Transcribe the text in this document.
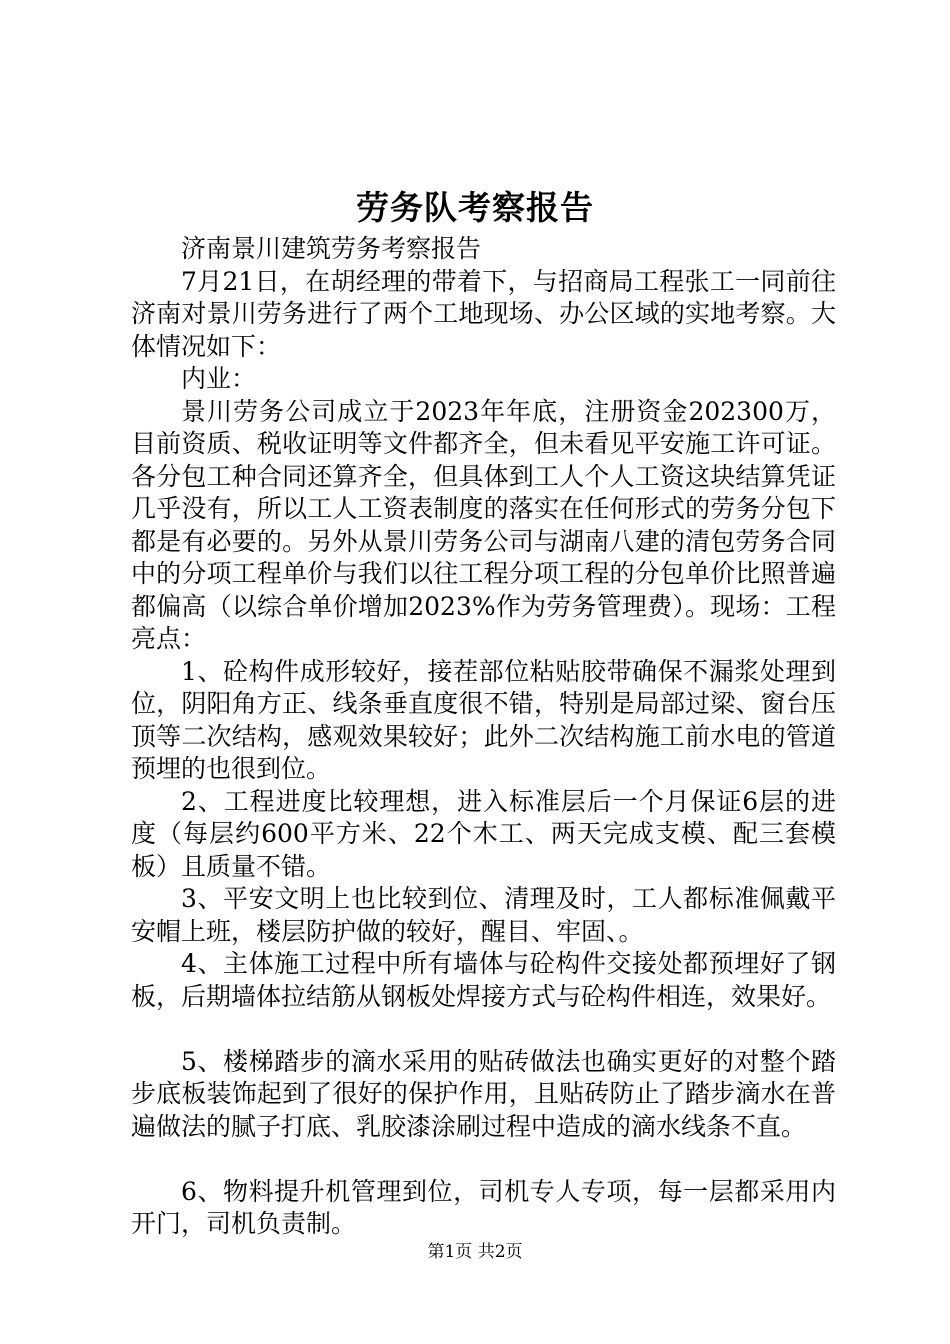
劳务队考察报告

济南景川建筑劳务考察报告

7月21日，在胡经理的带着下，与招商局工程张工一同前往济南对景川劳务进行了两个工地现场、办公区域的实地考察。大体情况如下：

内业：

景川劳务公司成立于2023年年底，注册资金202300万，目前资质、税收证明等文件都齐全，但未看见平安施工许可证。各分包工种合同还算齐全，但具体到工人个人工资这块结算凭证几乎没有，所以工人工资表制度的落实在任何形式的劳务分包下都是有必要的。另外从景川劳务公司与湖南八建的清包劳务合同中的分项工程单价与我们以往工程分项工程的分包单价比照普遍都偏高（以综合单价增加2023%作为劳务管理费）。现场：工程亮点：

1、砼构件成形较好，接茬部位粘贴胶带确保不漏浆处理到位，阴阳角方正、线条垂直度很不错，特别是局部过梁、窗台压顶等二次结构，感观效果较好；此外二次结构施工前水电的管道预埋的也很到位。

2、工程进度比较理想，进入标准层后一个月保证6层的进度（每层约600平方米、22个木工、两天完成支模、配三套模板）且质量不错。

3、平安文明上也比较到位、清理及时，工人都标准佩戴平安帽上班，楼层防护做的较好，醒目、牢固、。

4、主体施工过程中所有墙体与砼构件交接处都预埋好了钢板，后期墙体拉结筋从钢板处焊接方式与砼构件相连，效果好。

5、楼梯踏步的滴水采用的贴砖做法也确实更好的对整个踏步底板装饰起到了很好的保护作用，且贴砖防止了踏步滴水在普遍做法的腻子打底、乳胶漆涂刷过程中造成的滴水线条不直。

6、物料提升机管理到位，司机专人专项，每一层都采用内开门，司机负责制。

第1页 共2页
